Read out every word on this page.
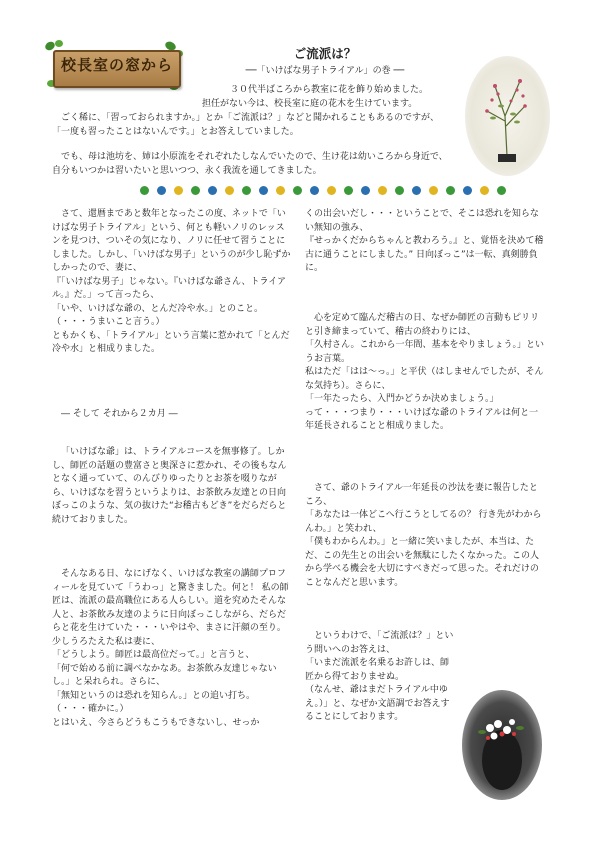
校長室の窓から
ご流派は？
──「いけばな男子トライアル」の巻 ──

３０代半ばころから教室に花を飾り始めました。

担任がない今は、校長室に庭の花木を生けています。

ごく稀に、「習っておられますか。」とか「ご流派は？」などと聞かれることもあるのですが、「一度も習ったことはないんです。」とお答えしていました。

でも、母は池坊を、姉は小原流をそれぞれたしなんでいたので、生け花は幼いころから身近で、自分もいつかは習いたいと思いつつ、永く我流を通してきました。

さて、還暦まであと数年となったこの度、ネットで「いけばな男子トライアル」という、何とも軽いノリのレッスンを見つけ、ついその気になり、ノリに任せて習うことにしました。しかし、「いけばな男子」というのが少し恥ずかしかったので、妻に、
『「いけばな男子」じゃない。『いけばな爺さん、トライアル。』だ。」って言ったら、
「いや、いけばな爺の、とんだ冷や水。」とのこと。
（・・・うまいこと言う。）
ともかくも、「トライアル」という言葉に惹かれて「とんだ冷や水」と相成りました。

― そして それから２カ月 ―

「いけばな爺」は、トライアルコースを無事修了。しかし、師匠の話題の豊富さと奥深さに惹かれ、その後もなんとなく通っていて、のんびりゆったりとお茶を啜りながら、いけばなを習うというよりは、お茶飲み友達との日向ぼっこのような、気の抜けた“お稽古もどき”をだらだらと続けておりました。

そんなある日、なにげなく、いけばな教室の講師プロフィールを見ていて「うわっ」と驚きました。何と！ 私の師匠は、流派の最高職位にある人らしい。道を究めたそんな人と、お茶飲み友達のように日向ぼっこしながら、だらだらと花を生けていた・・・いやはや、まさに汗顔の至り。
少しうろたえた私は妻に、
「どうしよう。師匠は最高位だって。」と言うと、
「何で始める前に調べなかなあ。お茶飲み友達じゃないし。」と呆れられ。さらに、
「無知というのは恐れを知らん。」との追い打ち。
（・・・確かに。）
とはいえ、今さらどうもこうもできないし、せっか

くの出会いだし・・・ということで、そこは恐れを知らない無知の強み、
『せっかくだからちゃんと教わろう。』と、覚悟を決めて稽古に通うことにしました。” 日向ぼっこ”は一転、真剣勝負に。

心を定めて臨んだ稽古の日、なぜか師匠の言動もピリリと引き締まっていて、稽古の終わりには、
「久村さん。これから一年間、基本をやりましょう。」というお言葉。
私はただ「はは～っ。」と平伏（はしませんでしたが、そんな気持ち）。さらに、
「一年たったら、入門かどうか決めましょう。」
って・・・つまり・・・いけばな爺のトライアルは何と一年延長されることと相成りました。

さて、爺のトライアル一年延長の沙汰を妻に報告したところ、
「あなたは一体どこへ行こうとしてるの？ 行き先がわからんわ。」と笑われ、
「僕もわからんわ。」と一緒に笑いましたが、本当は、ただ、この先生との出会いを無駄にしたくなかった。この人から学べる機会を大切にすべきだって思った。それだけのことなんだと思います。

というわけで、「ご流派は？」という問いへのお答えは、
「いまだ流派を名乗るお許しは、師匠から得ておりませぬ。
（なんせ、爺はまだトライアル中ゆえ。）」と、なぜか文語調でお答えすることにしております。
